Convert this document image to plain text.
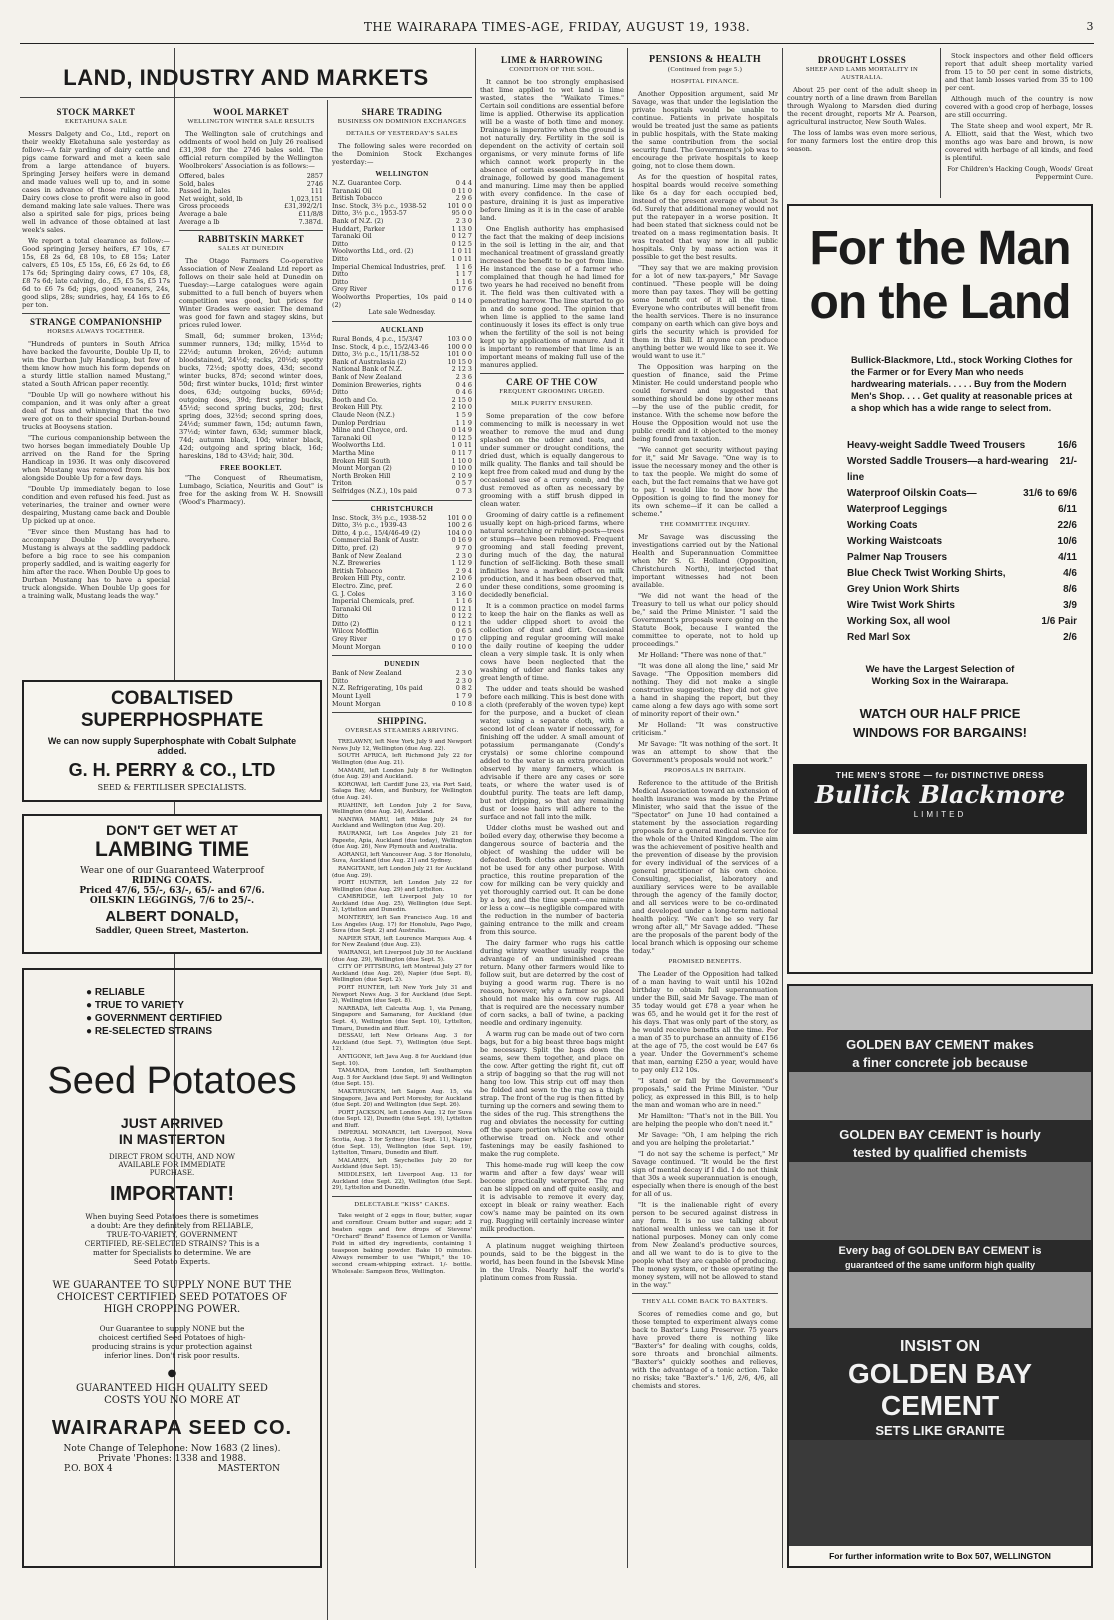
THE WAIRARAPA TIMES-AGE, FRIDAY, AUGUST 19, 1938.	3
LAND, INDUSTRY AND MARKETS
STOCK MARKET
EKETAHUNA SALE

Messrs Dalgety and Co., Ltd., report on their weekly Eketahuna sale yesterday as follow:—A fair yarding of dairy cattle and pigs came forward and met a keen sale from a large attendance of buyers. Springing Jersey heifers were in demand and made values well up to, and in some cases in advance of those ruling of late. Dairy cows close to profit were also in good demand making late sale values. There was also a spirited sale for pigs, prices being well in advance of those obtained at last week's sales.

We report a total clearance as follow:—Good springing Jersey heifers, £7 10s, £7 15s, £8 2s 6d, £8 10s, to £8 15s; Later calvers, £5 10s, £5 15s, £6, £6 2s 6d, to £6 17s 6d; Springing dairy cows, £7 10s, £8, £8 7s 6d; late calving, do., £5, £5 5s, £5 17s 6d to £6 7s 6d; pigs, good weaners, 24s, good slips, 28s; sundries, hay, £4 16s to £6 per ton.

STRANGE COMPANIONSHIP
HORSES ALWAYS TOGETHER.

"Hundreds of punters in South Africa have backed the favourite, Double Up II, to win the Durban July Handicap, but few of them know how much his form depends on a sturdy little stallion named Mustang," stated a South African paper recently.

"Double Up will go nowhere without his companion, and it was only after a great deal of fuss and whinnying that the two were got on to their special Durban-bound trucks at Booysens station.

"The curious companionship between the two horses began immediately Double Up arrived on the Rand for the Spring Handicap in 1936. It was only discovered when Mustang was removed from his box alongside Double Up for a few days.

"Double Up immediately began to lose condition and even refused his feed. Just as veterinaries, the trainer and owner were despairing, Mustang came back and Double Up picked up at once.

"Ever since then Mustang has had to accompany Double Up everywhere. Mustang is always at the saddling paddock before a big race to see his companion properly saddled, and is waiting eagerly for him after the race. When Double Up goes to Durban Mustang has to have a special truck alongside. When Double Up goes for a training walk, Mustang leads the way."

WOOL MARKET
WELLINGTON WINTER SALE RESULTS

The Wellington sale of crutchings and oddments of wool held on July 26 realised £31,398 for the 2746 bales sold. The official return compiled by the Wellington Woolbrokers' Association is as follows:—

Offered, bales	2857
Sold, bales	2746
Passed in, bales	111
Net weight, sold, lb	1,023,151
Gross proceeds	£31,392/2/1
Average a bale	£11/8/8
Average a lb	7.387d.
RABBITSKIN MARKET
SALES AT DUNEDIN

The Otago Farmers Co-operative Association of New Zealand Ltd report as follows on their sale held at Dunedin on Tuesday:—Large catalogues were again submitted to a full bench of buyers when competition was good, but prices for Winter Grades were easier. The demand was good for fawn and stagey skins, but prices ruled lower.

Small, 6d; summer broken, 13½d; summer runners, 13d; milky, 15½d to 22½d; autumn broken, 26½d; autumn bloodstained, 24½d; racks, 20½d; spotty bucks, 72½d; spotty does, 43d; second winter bucks, 87d; second winter does, 50d; first winter bucks, 101d; first winter does, 63d; outgoing bucks, 69½d; outgoing does, 39d; first spring bucks, 45½d; second spring bucks, 20d; first spring does, 32½d; second spring does, 24½d; summer fawn, 15d; autumn fawn, 37½d; winter fawn, 63d; summer black, 74d; autumn black, 10d; winter black, 42d; outgoing and spring black, 16d; hareskins, 18d to 43½d; hair, 30d.

FREE BOOKLET.

"The Conquest of Rheumatism, Lumbago, Sciatica, Neuritis and Gout" is free for the asking from W. H. Snowsill (Wood's Pharmacy).

COBALTISED
SUPERPHOSPHATE
We can now supply Superphosphate with Cobalt Sulphate added.
G. H. PERRY & CO., LTD
SEED & FERTILISER SPECIALISTS.
DON'T GET WET AT
LAMBING TIME
Wear one of our Guaranteed Waterproof
RIDING COATS.
Priced 47/6, 55/-, 63/-, 65/- and 67/6.
OILSKIN LEGGINGS, 7/6 to 25/-.
ALBERT DONALD,
Saddler, Queen Street, Masterton.
● RELIABLE
● TRUE TO VARIETY
● GOVERNMENT CERTIFIED
● RE-SELECTED STRAINS
Seed Potatoes
JUST ARRIVED
IN MASTERTON
DIRECT FROM SOUTH, AND NOW AVAILABLE FOR IMMEDIATE PURCHASE.
IMPORTANT!
When buying Seed Potatoes there is sometimes a doubt: Are they definitely from RELIABLE, TRUE-TO-VARIETY, GOVERNMENT CERTIFIED, RE-SELECTED STRAINS? This is a matter for Specialists to determine. We are Seed Potato Experts.
WE GUARANTEE TO SUPPLY NONE BUT THE CHOICEST CERTIFIED SEED POTATOES OF HIGH CROPPING POWER.
Our Guarantee to supply NONE but the choicest certified Seed Potatoes of high-producing strains is your protection against inferior lines. Don't risk poor results.
●
GUARANTEED HIGH QUALITY SEED COSTS YOU NO MORE AT
WAIRARAPA SEED CO.
Note Change of Telephone: Now 1683 (2 lines).
Private 'Phones: 1338 and 1988.
P.O. BOX 4	MASTERTON
SHARE TRADING
BUSINESS ON DOMINION EXCHANGES
DETAILS OF YESTERDAY'S SALES

The following sales were recorded on the Dominion Stock Exchanges yesterday:—

WELLINGTON
N.Z. Guarantee Corp.	0 4 4
Taranaki Oil	0 11 0
British Tobacco	2 9 6
Insc. Stock, 3½ p.c., 1938-52	101 0 0
Ditto, 3½ p.c., 1953-57	95 0 0
Bank of N.Z. (2)	2 3 0
Huddart, Parker	1 13 0
Taranaki Oil	0 12 7
Ditto	0 12 5
Woolworths Ltd., ord. (2)	1 0 11
Ditto	1 0 11
Imperial Chemical Industries, pref.	1 1 6
Ditto	1 1 7
Ditto	1 1 6
Grey River	0 17 6
Woolworths Properties, 10s paid (2)	0 14 0
Late sale Wednesday.
AUCKLAND
Rural Bonds, 4 p.c., 15/3/47	103 0 0
Insc. Stock, 4 p.c., 15/2/43-46	100 0 0
Ditto, 3½ p.c., 15/11/38-52	101 0 0
Bank of Australasia (2)	10 15 0
National Bank of N.Z.	2 12 3
Bank of New Zealand	2 3 6
Dominion Breweries, rights	0 4 6
Ditto	0 4 6
Booth and Co.	2 15 0
Broken Hill Pty.	2 10 0
Claude Neon (N.Z.)	1 5 9
Dunlop Perdriau	1 1 9
Milne and Choyce, ord.	0 14 9
Taranaki Oil	0 12 5
Woolworths Ltd.	1 0 11
Martha Mine	0 11 7
Broken Hill South	1 10 0
Mount Morgan (2)	0 10 0
North Broken Hill	2 10 9
Triton	0 5 7
Selfridges (N.Z.), 10s paid	0 7 3
CHRISTCHURCH
Insc. Stock, 3½ p.c., 1938-52	101 0 0
Ditto, 3½ p.c., 1939-43	100 2 6
Ditto, 4 p.c., 15/4/46-49 (2)	104 0 0
Commercial Bank of Austr.	0 16 9
Ditto, pref. (2)	9 7 0
Bank of New Zealand	2 3 0
N.Z. Breweries	1 12 9
British Tobacco	2 9 4
Broken Hill Pty., contr.	2 10 6
Electro. Zinc, pref.	2 6 0
G. J. Coles	3 16 0
Imperial Chemicals, pref.	1 1 6
Taranaki Oil	0 12 1
Ditto	0 12 2
Ditto (2)	0 12 1
Wilcox Mofflin	0 6 5
Grey River	0 17 0
Mount Morgan	0 10 0
DUNEDIN
Bank of New Zealand	2 3 0
Ditto	2 3 0
N.Z. Refrigerating, 10s paid	0 8 2
Mount Lyell	1 7 9
Mount Morgan	0 10 8
SHIPPING.
OVERSEAS STEAMERS ARRIVING.

TRELAWNY, left New York July 9 and Newport News July 12, Wellington (due Aug. 22).

SOUTH AFRICA, left Richmond July 22 for Wellington (due Aug. 21).

MAMARI, left London July 8 for Wellington (due Aug. 29) and Auckland.

KOROWAI, left Cardiff June 23, via Port Said, Salaga Bay, Aden, and Bunbury, for Wellington (due Aug. 24).

RUAHINE, left London July 2 for Suva, Wellington (due Aug. 24), Auckland.

NANIWA MARU, left Miike July 24 for Auckland and Wellington (due Aug. 20).

RAURANGI, left Los Angeles July 21 for Papeete, Apia, Auckland (due today), Wellington (due Aug. 26), New Plymouth and Australia.

AORANGI, left Vancouver Aug. 3 for Honolulu, Suva, Auckland (due Aug. 21) and Sydney.

RANGITANE, left London July 21 for Auckland (due Aug. 29).

PORT HUNTER, left London July 22 for Wellington (due Aug. 29) and Lyttelton.

CAMBRIDGE, left Liverpool July 10 for Auckland (due Aug. 25), Wellington (due Sept. 2), Lyttelton and Dunedin.

MONTEREY, left San Francisco Aug. 16 and Los Angeles (Aug. 17) for Honolulu, Pago Pago, Suva (due Sept. 2) and Australia.

NAPIER STAR, left Lourence Marques Aug. 4 for New Zealand (due Aug. 23).

WAIRANGI, left Liverpool July 30 for Auckland (due Aug. 29), Wellington (due Sept. 5).

CITY OF PITTSBURG, left Montreal July 27 for Auckland (due Aug. 26), Napier (due Sept. 8), Wellington (due Sept. 2).

PORT HUNTER, left New York July 31 and Newport News Aug. 3 for Auckland (due Sept. 2), Wellington (due Sept. 8).

NARBADA, left Calcutta Aug. 1, via Penang, Singapore and Samarang, for Auckland (due Sept. 4), Wellington (due Sept. 10), Lyttelton, Timaru, Dunedin and Bluff.

DESSAU, left New Orleans Aug. 3 for Auckland (due Sept. 7), Wellington (due Sept. 12).

ANTIGONE, left Java Aug. 8 for Auckland (due Sept. 10).

TAMAROA, from London, left Southampton Aug. 5 for Auckland (due Sept. 9) and Wellington (due Sept. 15).

MAKTIRUNGEN, left Saigon Aug. 15, via Singapore, Java and Port Moresby, for Auckland (due Sept. 20) and Wellington (due Sept. 26).

PORT JACKSON, left London Aug. 12 for Suva (due Sept. 12), Dunedin (due Sept. 19), Lyttelton and Bluff.

IMPERIAL MONARCH, left Liverpool, Nova Scotia, Aug. 3 for Sydney (due Sept. 11), Napier (due Sept. 15), Wellington (due Sept. 19), Lyttelton, Timaru, Dunedin and Bluff.

MALAREN, left Seychelles July 20 for Auckland (due Sept. 15).

MIDDLESEX, left Liverpool Aug. 13 for Auckland (due Sept. 22), Wellington (due Sept. 29), Lyttelton and Dunedin.

DELECTABLE "KISS" CAKES.

Take weight of 2 eggs in flour, butter, sugar and cornflour. Cream butter and sugar; add 2 beaten eggs and few drops of Stevens' "Orchard" Brand" Essence of Lemon or Vanilla. Fold in sifted dry ingredients, containing 1 teaspoon baking powder. Bake 10 minutes. Always remember to use "Whipit," the 10-second cream-whipping extract. 1/- bottle. Wholesale: Sampson Bros, Wellington.

LIME & HARROWING
CONDITION OF THE SOIL.

It cannot be too strongly emphasised that lime applied to wet land is lime wasted, states the "Waikato Times." Certain soil conditions are essential before lime is applied. Otherwise its application will be a waste of both time and money. Drainage is imperative when the ground is not naturally dry. Fertility in the soil is dependent on the activity of certain soil organisms, or very minute forms of life which cannot work properly in the absence of certain essentials. The first is drainage, followed by good management and manuring. Lime may then be applied with every confidence. In the case of pasture, draining it is just as imperative before liming as it is in the case of arable land.

One English authority has emphasised the fact that the making of deep incisions in the soil is letting in the air, and that mechanical treatment of grassland greatly increased the benefit to be got from lime. He instanced the case of a farmer who complained that though he had limed for two years he had received no benefit from it. The field was then cultivated with a penetrating harrow. The lime started to go in and do some good. The opinion that when lime is applied to the same land continuously it loses its effect is only true when the fertility of the soil is not being kept up by applications of manure. And it is important to remember that lime is an important means of making full use of the manures applied.

CARE OF THE COW
FREQUENT GROOMING URGED.
MILK PURITY ENSURED.

Some preparation of the cow before commencing to milk is necessary in wet weather to remove the mud and dung splashed on the udder and teats, and under summer or drought conditions, the dried dust, which is equally dangerous to milk quality. The flanks and tail should be kept free from caked mud and dung by the occasional use of a curry comb, and the dust removed as often as necessary by grooming with a stiff brush dipped in clean water.

Grooming of dairy cattle is a refinement usually kept on high-priced farms, where natural scratching or rubbing-posts—trees or stumps—have been removed. Frequent grooming and stall feeding prevent, during much of the day, the natural function of self-licking. Both these small infinities have a marked effect on milk production, and it has been observed that, under these conditions, some grooming is decidedly beneficial.

It is a common practice on model farms to keep the hair on the flanks as well as the udder clipped short to avoid the collection of dust and dirt. Occasional clipping and regular grooming will make the daily routine of keeping the udder clean a very simple task. It is only when cows have been neglected that the washing of udder and flanks takes any great length of time.

The udder and teats should be washed before each milking. This is best done with a cloth (preferably of the woven type) kept for the purpose, and a bucket of clean water, using a separate cloth, with a second lot of clean water if necessary, for finishing off the udder. A small amount of potassium permanganate (Condy's crystals) or some chlorine compound added to the water is an extra precaution observed by many farmers, which is advisable if there are any cases or sore teats, or where the water used is of doubtful purity. The teats are left damp, but not dripping, so that any remaining dust or loose hairs will adhere to the surface and not fall into the milk.

Udder cloths must be washed out and boiled every day, otherwise they become a dangerous source of bacteria and the object of washing the udder will be defeated. Both cloths and bucket should not be used for any other purpose. With practice, this routine preparation of the cow for milking can be very quickly and yet thoroughly carried out. It can be done by a boy, and the time spent—one minute or less a cow—is negligible compared with the reduction in the number of bacteria gaining entrance to the milk and cream from this source.

The dairy farmer who rugs his cattle during wintry weather usually reaps the advantage of an undiminished cream return. Many other farmers would like to follow suit, but are deterred by the cost of buying a good warm rug. There is no reason, however, why a farmer so placed should not make his own cow rugs. All that is required are the necessary number of corn sacks, a ball of twine, a packing needle and ordinary ingenuity.

A warm rug can be made out of two corn bags, but for a big beast three bags might be necessary. Split the bags down the seams, sew them together, and place on the cow. After getting the right fit, cut off a strip of bagging so that the rug will not hang too low. This strip cut off may then be folded and sewn to the rug as a thigh strap. The front of the rug is then fitted by turning up the corners and sewing them to the sides of the rug. This strengthens the rug and obviates the necessity for cutting off the spare portion which the cow would otherwise tread on. Neck and other fastenings may be easily fashioned to make the rug complete.

This home-made rug will keep the cow warm and after a few days' wear will become practically waterproof. The rug can be slipped on and off quite easily, and it is advisable to remove it every day, except in bleak or rainy weather. Each cow's name may be painted on its own rug. Rugging will certainly increase winter milk production.

A platinum nugget weighing thirteen pounds, said to be the biggest in the world, has been found in the Isbevsk Mine in the Urals. Nearly half the world's platinum comes from Russia.

PENSIONS & HEALTH
(Continued from page 5.)
HOSPITAL FINANCE.

Another Opposition argument, said Mr Savage, was that under the legislation the private hospitals would be unable to continue. Patients in private hospitals would be treated just the same as patients in public hospitals, with the State making the same contribution from the social security fund. The Government's job was to encourage the private hospitals to keep going, not to close them down.

As for the question of hospital rates, hospital boards would receive something like 6s a day for each occupied bed, instead of the present average of about 3s 6d. Surely that additional money would not put the ratepayer in a worse position. It had been stated that sickness could not be treated on a mass regimentation basis. It was treated that way now in all public hospitals. Only by mass action was it possible to get the best results.

"They say that we are making provision for a lot of new tax-payers," Mr Savage continued. "These people will be doing more than pay taxes. They will be getting some benefit out of it all the time. Everyone who contributes will benefit from the health services. There is no insurance company on earth which can give boys and girls the security which is provided for them in this Bill. If anyone can produce anything better we would like to see it. We would want to use it."

The Opposition was harping on the question of finance, said the Prime Minister. He could understand people who could forward and suggested that something should be done by other means—by the use of the public credit, for instance. With the scheme now before the House the Opposition would not use the public credit and it objected to the money being found from taxation.

"We cannot get security without paying for it," said Mr Savage. "One way is to issue the necessary money and the other is to tax the people. We might do some of each, but the fact remains that we have got to pay. I would like to know how the Opposition is going to find the money for its own scheme—if it can be called a scheme."

THE COMMITTEE INQUIRY.

Mr Savage was discussing the investigations carried out by the National Health and Superannuation Committee when Mr S. G. Holland (Opposition, Christchurch North), interjected that important witnesses had not been available.

"We did not want the head of the Treasury to tell us what our policy should be," said the Prime Minister. "I said the Government's proposals were going on the Statute Book, because I wanted the committee to operate, not to hold up proceedings."

Mr Holland: "There was none of that."

"It was done all along the line," said Mr Savage. "The Opposition members did nothing. They did not make a single constructive suggestion; they did not give a hand in shaping the report, but they came along a few days ago with some sort of minority report of their own."

Mr Holland: "It was constructive criticism."

Mr Savage: "It was nothing of the sort. It was an attempt to show that the Government's proposals would not work."

PROPOSALS IN BRITAIN.

Reference to the attitude of the British Medical Association toward an extension of health insurance was made by the Prime Minister, who said that the issue of the "Spectator" on June 10 had contained a statement by the association regarding proposals for a general medical service for the whole of the United Kingdom. The aim was the achievement of positive health and the prevention of disease by the provision for every individual of the services of a general practitioner of his own choice. Consulting, specialist, laboratory and auxiliary services were to be available through the agency of the family doctor, and all services were to be co-ordinated and developed under a long-term national health policy. "We can't be so very far wrong after all," Mr Savage added. "These are the proposals of the parent body of the local branch which is opposing our scheme today."

PROMISED BENEFITS.

The Leader of the Opposition had talked of a man having to wait until his 102nd birthday to obtain full superannuation under the Bill, said Mr Savage. The man of 35 today would get £78 a year when he was 65, and he would get it for the rest of his days. That was only part of the story, as he would receive benefits all the time. For a man of 35 to purchase an annuity of £156 at the age of 75, the cost would be £47 6s a year. Under the Government's scheme that man, earning £250 a year, would have to pay only £12 10s.

"I stand or fall by the Government's proposals," said the Prime Minister. "Our policy, as expressed in this Bill, is to help the man and woman who are in need."

Mr Hamilton: "That's not in the Bill. You are helping the people who don't need it."

Mr Savage: "Oh, I am helping the rich and you are helping the proletariat."

"I do not say the scheme is perfect," Mr Savage continued. "It would be the first sign of mental decay if I did. I do not think that 30s a week superannuation is enough, especially when there is enough of the best for all of us.

"It is the inalienable right of every person to be secured against distress in any form. It is no use talking about national wealth unless we can use it for national purposes. Money can only come from New Zealand's productive sources, and all we want to do is to give to the people what they are capable of producing. The money system, or those operating the money system, will not be allowed to stand in the way."

THEY ALL COME BACK TO BAXTER'S.

Scores of remedies come and go, but those tempted to experiment always come back to Baxter's Lung Preserver. 75 years have proved there is nothing like "Baxter's" for dealing with coughs, colds, sore throats and bronchial ailments. "Baxter's" quickly soothes and relieves, with the advantage of a tonic action. Take no risks; take "Baxter's." 1/6, 2/6, 4/6, all chemists and stores.

DROUGHT LOSSES
SHEEP AND LAMB MORTALITY IN AUSTRALIA.

About 25 per cent of the adult sheep in country north of a line drawn from Barellan through Wyalong to Marsden died during the recent drought, reports Mr A. Pearson, agricultural instructor, New South Wales.

The loss of lambs was even more serious, for many farmers lost the entire drop this season.

Stock inspectors and other field officers report that adult sheep mortality varied from 15 to 50 per cent in some districts, and that lamb losses varied from 35 to 100 per cent.

Although much of the country is now covered with a good crop of herbage, losses are still occurring.

The State sheep and wool expert, Mr R. A. Elliott, said that the West, which two months ago was bare and brown, is now covered with herbage of all kinds, and feed is plentiful.

For Children's Hacking Cough, Woods' Great Peppermint Cure.
For the Man
on the Land
Bullick-Blackmore, Ltd., stock Working Clothes for the Farmer or for Every Man who needs hardwearing materials. . . . . Buy from the Modern Men's Shop. . . . Get quality at reasonable prices at a shop which has a wide range to select from.
Heavy-weight Saddle Tweed Trousers	16/6
Worsted Saddle Trousers—a hard-wearing line
21/-
Waterproof Oilskin Coats—	31/6 to 69/6
Waterproof Leggings	6/11
Working Coats	22/6
Working Waistcoats	10/6
Palmer Nap Trousers	4/11
Blue Check Twist Working Shirts,	4/6
Grey Union Work Shirts	8/6
Wire Twist Work Shirts	3/9
Working Sox, all wool	1/6 Pair
Red Marl Sox	2/6
We have the Largest Selection of Working Sox in the Wairarapa.
WATCH OUR HALF PRICE WINDOWS FOR BARGAINS!
THE MEN'S STORE — for DISTINCTIVE DRESS
Bullick Blackmore
LIMITED
GOLDEN BAY CEMENT makes
a finer concrete job because
GOLDEN BAY CEMENT is hourly
tested by qualified chemists
Every bag of GOLDEN BAY CEMENT is
guaranteed of the same uniform high quality
INSIST ON
GOLDEN BAY
CEMENT
SETS LIKE GRANITE
For further information write to Box 507, WELLINGTON
